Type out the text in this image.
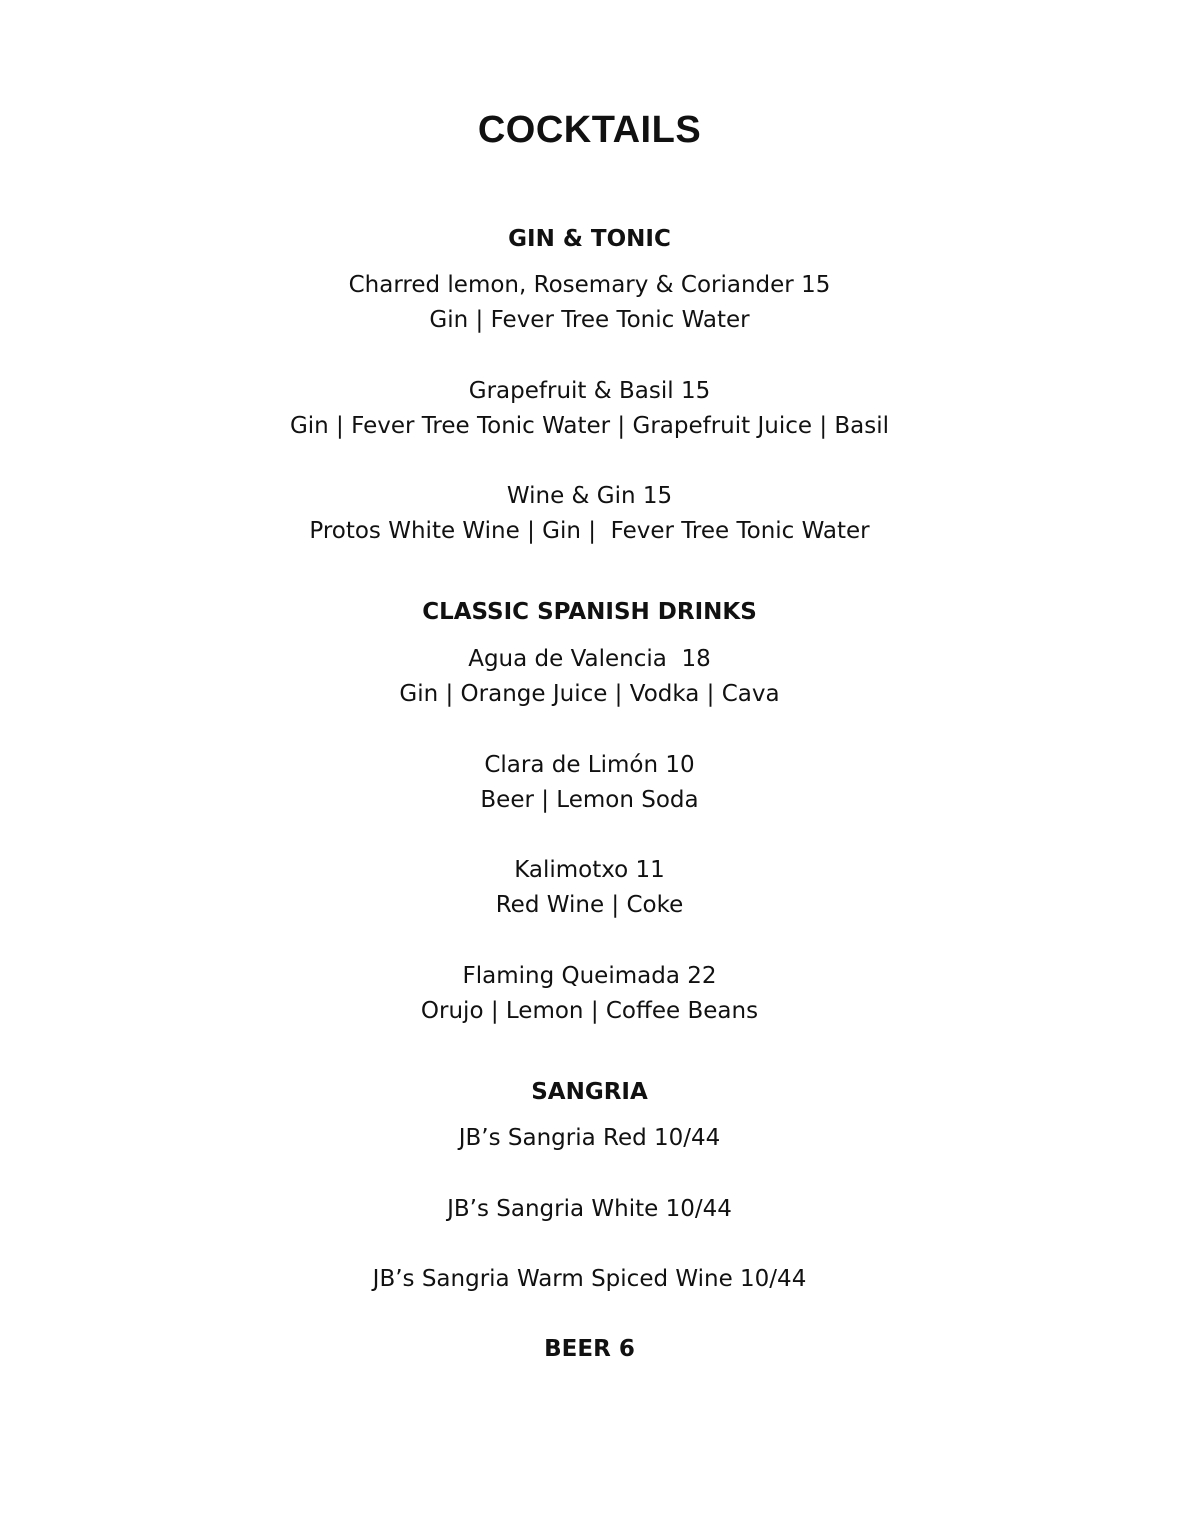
COCKTAILS
GIN & TONIC
Charred lemon, Rosemary & Coriander 15
Gin | Fever Tree Tonic Water
Grapefruit & Basil 15
Gin | Fever Tree Tonic Water | Grapefruit Juice | Basil
Wine & Gin 15
Protos White Wine | Gin |  Fever Tree Tonic Water
CLASSIC SPANISH DRINKS
Agua de Valencia  18
Gin | Orange Juice | Vodka | Cava
Clara de Limón 10
Beer | Lemon Soda
Kalimotxo 11
Red Wine | Coke
Flaming Queimada 22
Orujo | Lemon | Coffee Beans
SANGRIA
JB’s Sangria Red 10/44
JB’s Sangria White 10/44
JB’s Sangria Warm Spiced Wine 10/44
BEER 6
